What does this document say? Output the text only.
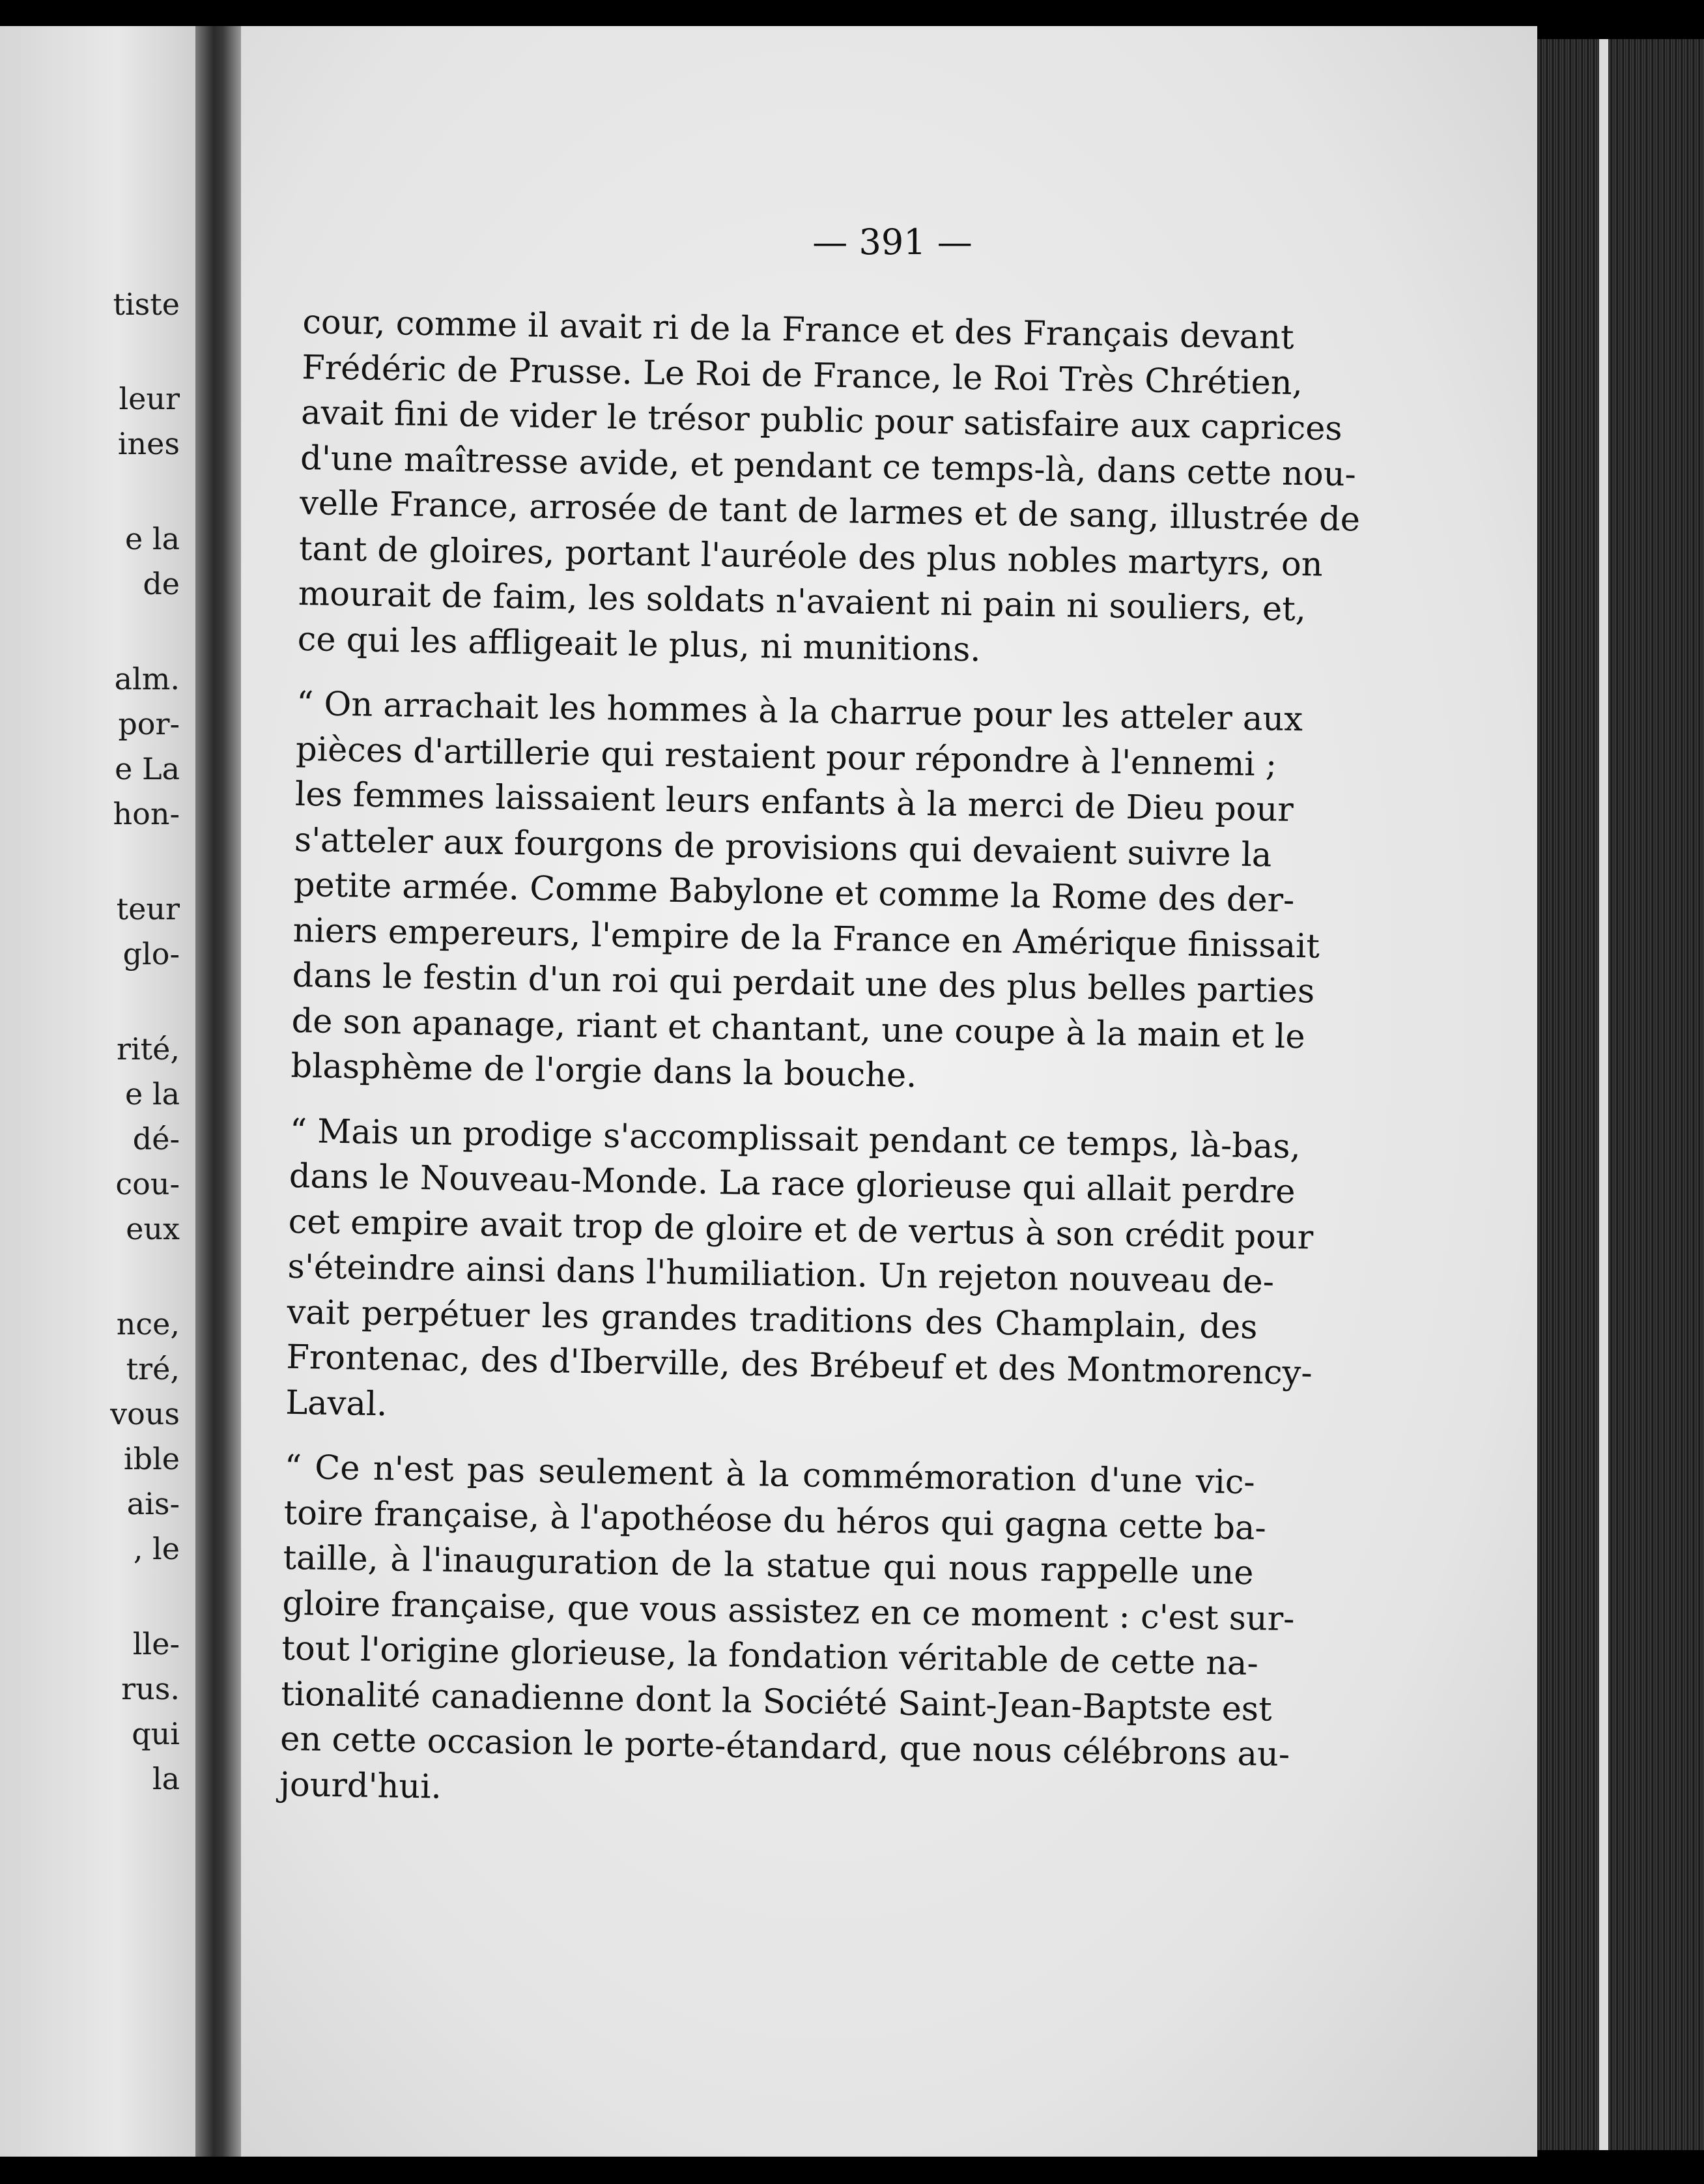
tiste
leur
ines
e la
de
alm.
por-
e La
hon-
teur
glo-
rité,
e la
dé-
cou-
eux
nce,
tré,
vous
ible
ais-
, le
lle-
rus.
qui
la
— 391 —
cour, comme il avait ri de la France et des Français devant
Frédéric de Prusse. Le Roi de France, le Roi Très Chrétien,
avait fini de vider le trésor public pour satisfaire aux caprices
d'une maîtresse avide, et pendant ce temps-là, dans cette nou-
velle France, arrosée de tant de larmes et de sang, illustrée de
tant de gloires, portant l'auréole des plus nobles martyrs, on
mourait de faim, les soldats n'avaient ni pain ni souliers, et,
ce qui les affligeait le plus, ni munitions.
“ On arrachait les hommes à la charrue pour les atteler aux
pièces d'artillerie qui restaient pour répondre à l'ennemi ;
les femmes laissaient leurs enfants à la merci de Dieu pour
s'atteler aux fourgons de provisions qui devaient suivre la
petite armée. Comme Babylone et comme la Rome des der-
niers empereurs, l'empire de la France en Amérique finissait
dans le festin d'un roi qui perdait une des plus belles parties
de son apanage, riant et chantant, une coupe à la main et le
blasphème de l'orgie dans la bouche.
“ Mais un prodige s'accomplissait pendant ce temps, là-bas,
dans le Nouveau-Monde. La race glorieuse qui allait perdre
cet empire avait trop de gloire et de vertus à son crédit pour
s'éteindre ainsi dans l'humiliation. Un rejeton nouveau de-
vait perpétuer les grandes traditions des Champlain, des
Frontenac, des d'Iberville, des Brébeuf et des Montmorency-
Laval.
“ Ce n'est pas seulement à la commémoration d'une vic-
toire française, à l'apothéose du héros qui gagna cette ba-
taille, à l'inauguration de la statue qui nous rappelle une
gloire française, que vous assistez en ce moment : c'est sur-
tout l'origine glorieuse, la fondation véritable de cette na-
tionalité canadienne dont la Société Saint-Jean-Baptste est
en cette occasion le porte-étandard, que nous célébrons au-
jourd'hui.
